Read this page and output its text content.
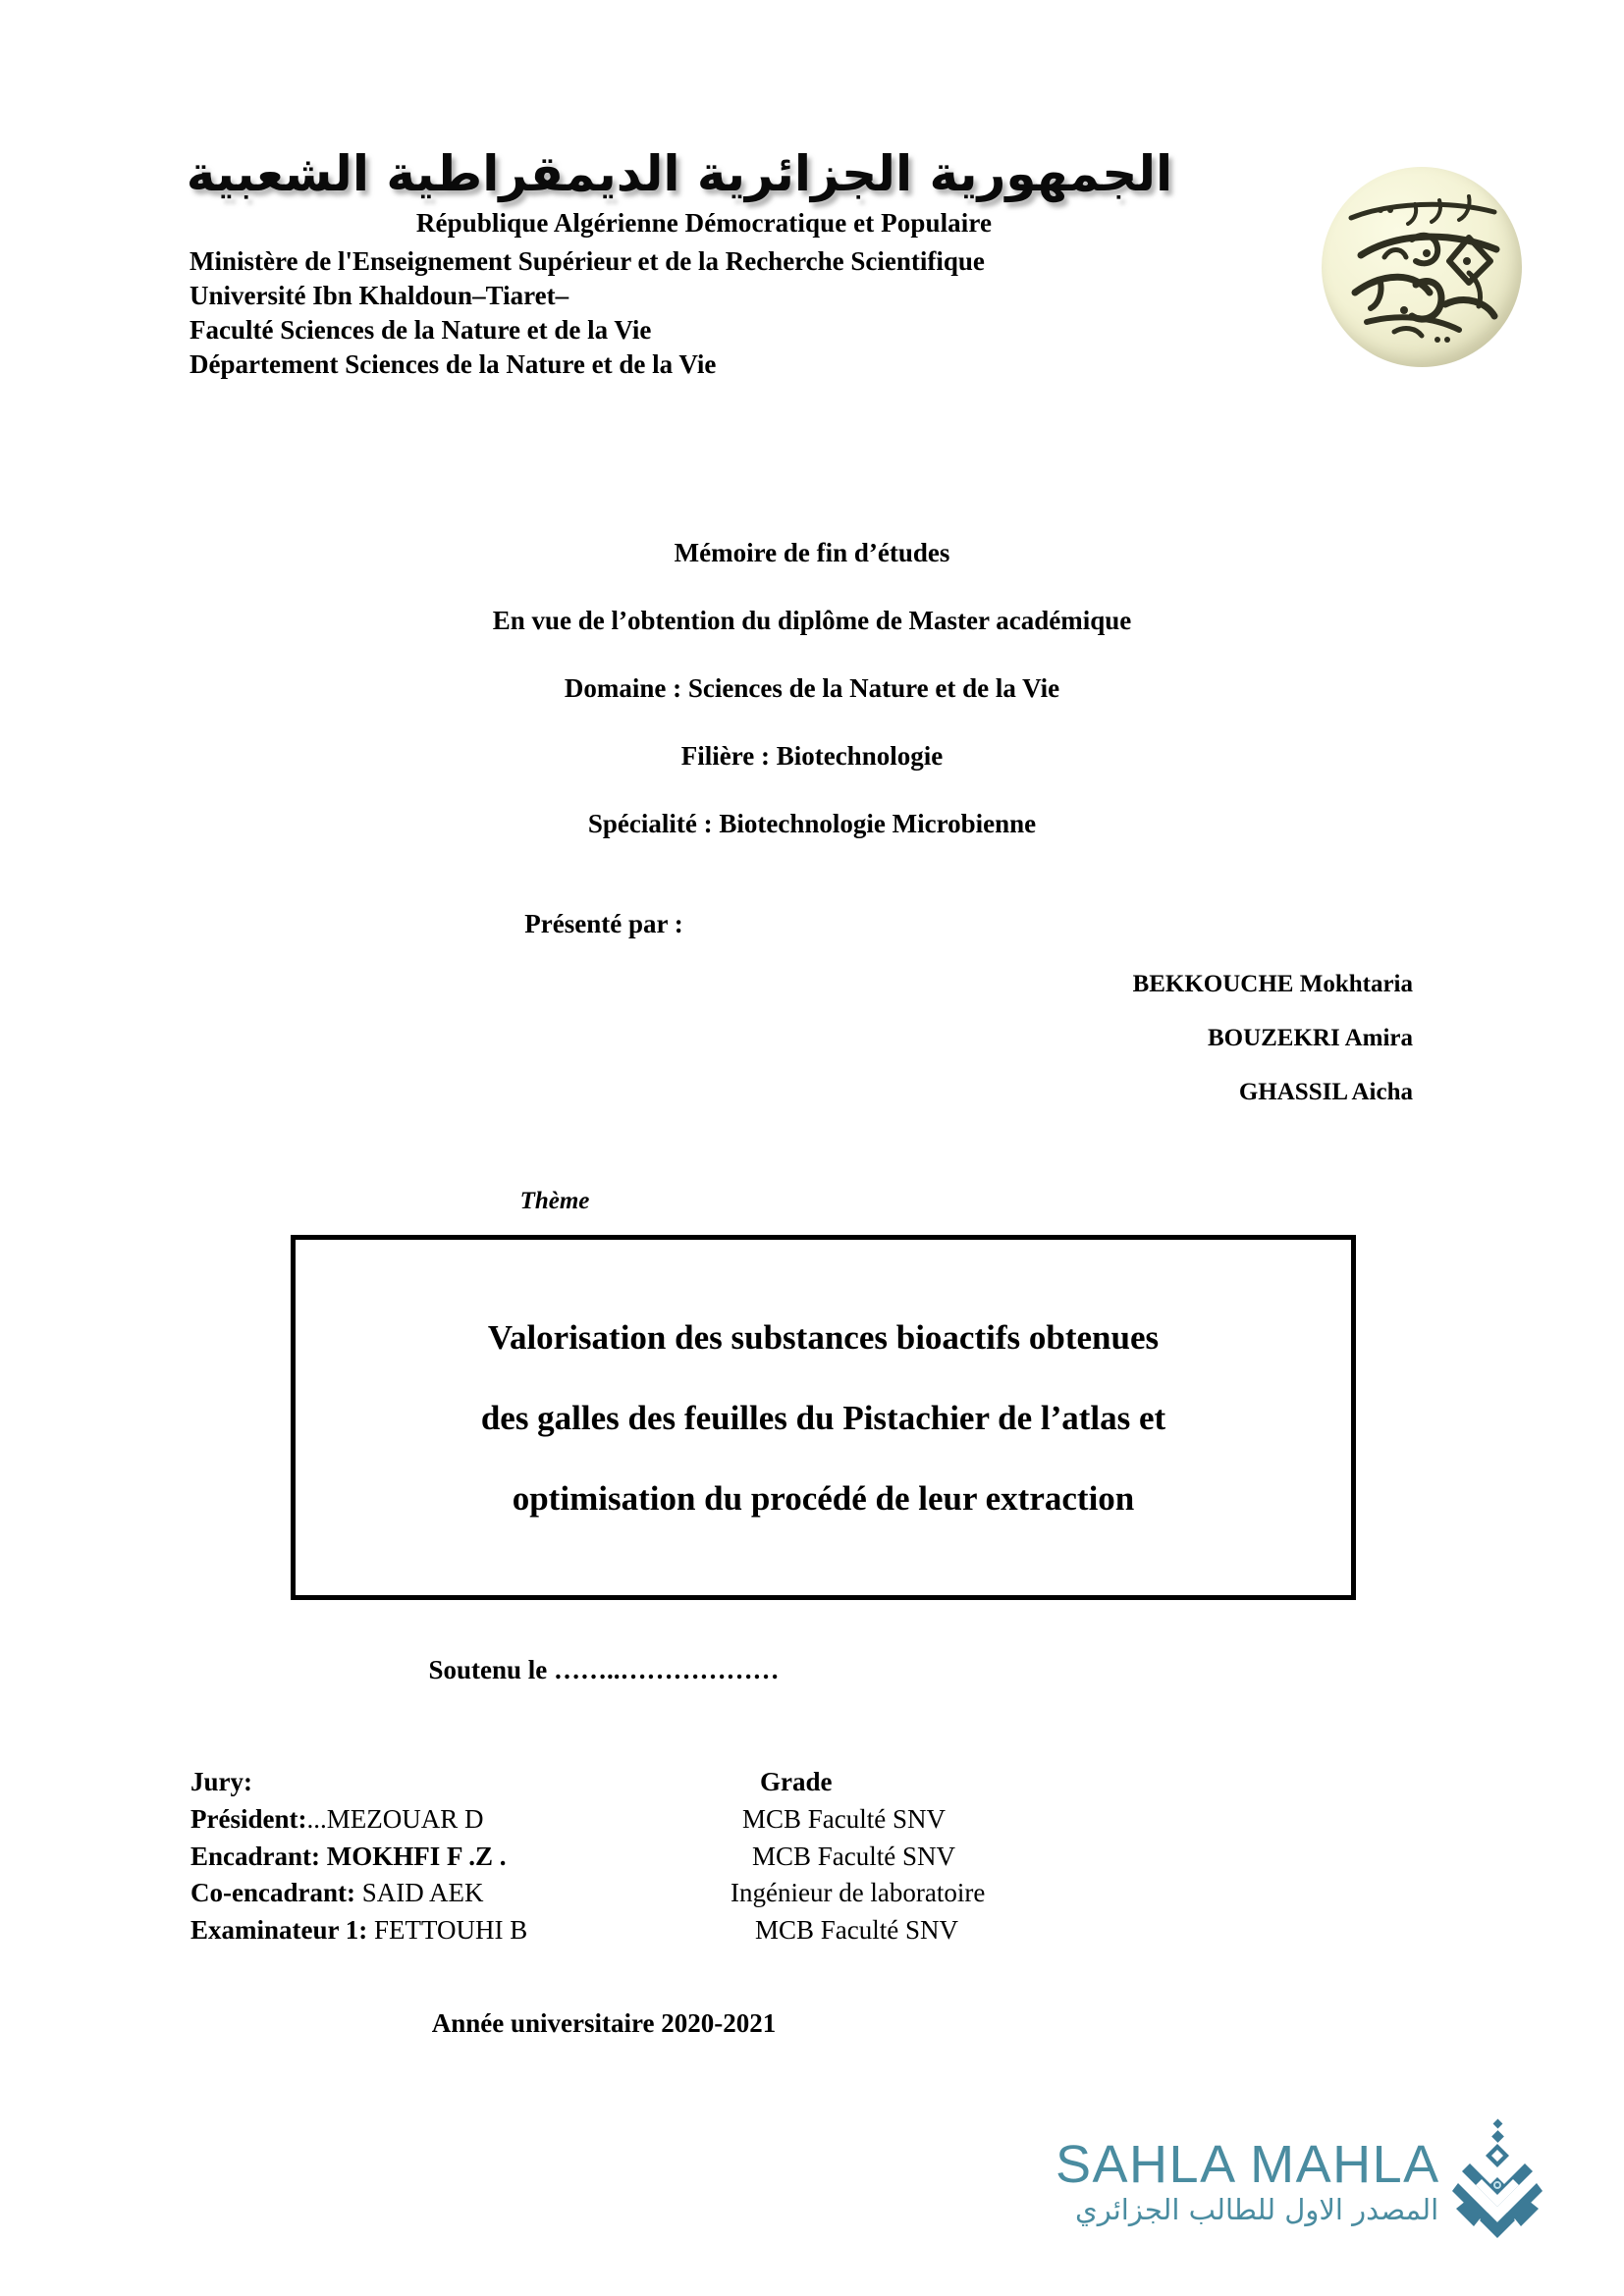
الجمهورية الجزائرية الديمقراطية الشعبية
République Algérienne Démocratique et Populaire
Ministère de l'Enseignement Supérieur et de la Recherche Scientifique
Université Ibn Khaldoun–Tiaret–
Faculté Sciences de la Nature et de la Vie
Département Sciences de la Nature et de la Vie
Mémoire de fin d’études
En vue de l’obtention du diplôme de Master académique
Domaine : Sciences de la Nature et de la Vie
Filière : Biotechnologie
Spécialité : Biotechnologie Microbienne
Présenté par :
BEKKOUCHE Mokhtaria
BOUZEKRI Amira
GHASSIL Aicha
Thème
Valorisation des substances bioactifs obtenues
des galles des feuilles du Pistachier de l’atlas et
optimisation du procédé de leur extraction
Soutenu le ……..………………
Jury:	Grade
Président:...MEZOUAR D	MCB Faculté SNV
Encadrant: MOKHFI F .Z .	MCB Faculté SNV
Co-encadrant: SAID AEK	Ingénieur de laboratoire
Examinateur 1: FETTOUHI B	MCB Faculté SNV
Année universitaire 2020-2021
SAHLA MAHLA
المصدر الاول للطالب الجزائري
